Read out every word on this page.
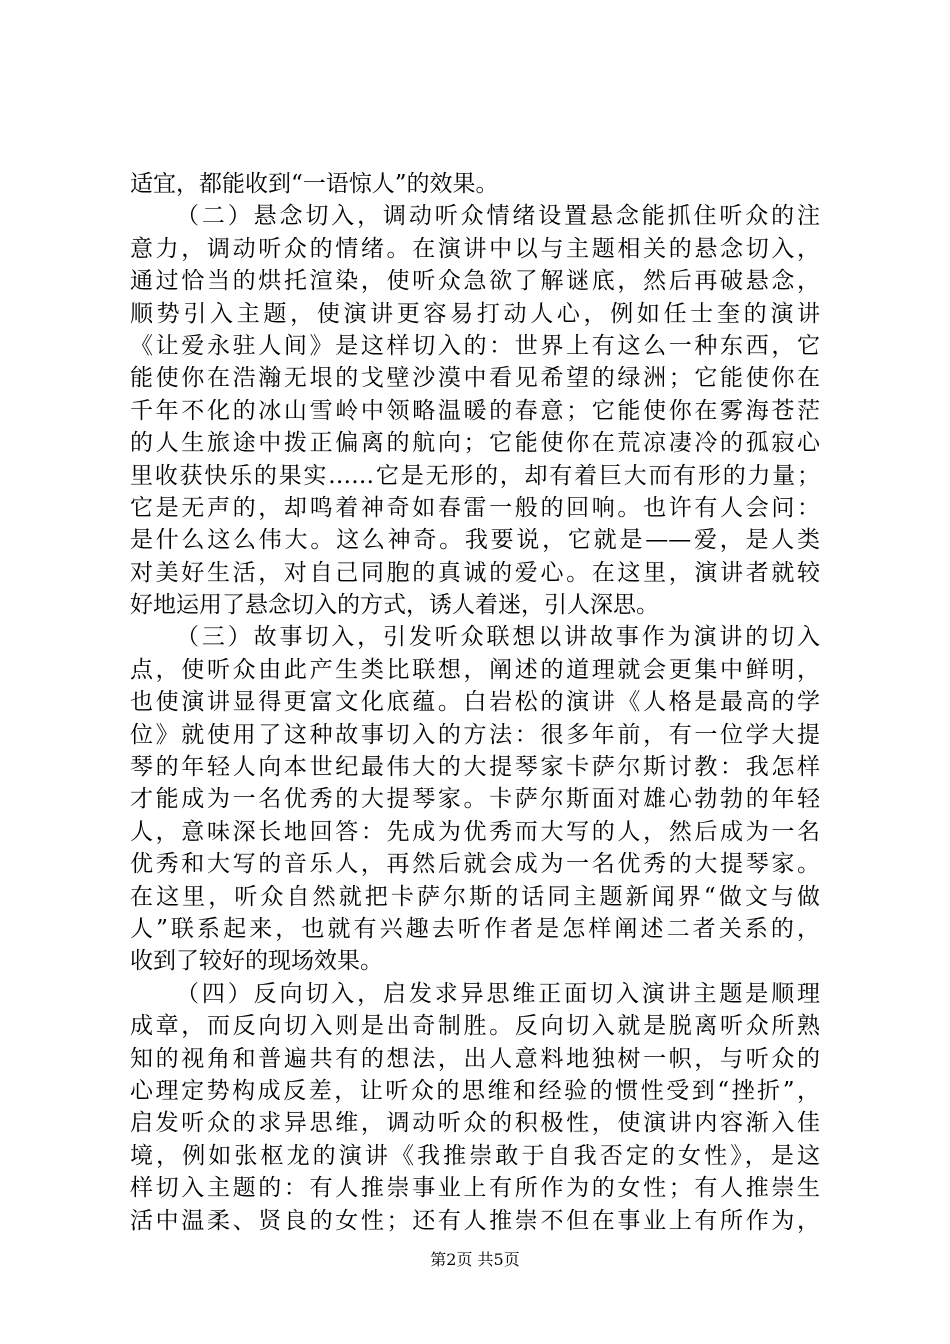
适宜，都能收到“一语惊人”的效果。
（二）悬念切入，调动听众情绪设置悬念能抓住听众的注
意力，调动听众的情绪。在演讲中以与主题相关的悬念切入，
通过恰当的烘托渲染，使听众急欲了解谜底，然后再破悬念，
顺势引入主题，使演讲更容易打动人心，例如任士奎的演讲
《让爱永驻人间》是这样切入的：世界上有这么一种东西，它
能使你在浩瀚无垠的戈壁沙漠中看见希望的绿洲；它能使你在
千年不化的冰山雪岭中领略温暖的春意；它能使你在雾海苍茫
的人生旅途中拨正偏离的航向；它能使你在荒凉凄冷的孤寂心
里收获快乐的果实……它是无形的，却有着巨大而有形的力量；
它是无声的，却鸣着神奇如春雷一般的回响。也许有人会问：
是什么这么伟大。这么神奇。我要说，它就是——爱，是人类
对美好生活，对自己同胞的真诚的爱心。在这里，演讲者就较
好地运用了悬念切入的方式，诱人着迷，引人深思。
（三）故事切入，引发听众联想以讲故事作为演讲的切入
点，使听众由此产生类比联想，阐述的道理就会更集中鲜明，
也使演讲显得更富文化底蕴。白岩松的演讲《人格是最高的学
位》就使用了这种故事切入的方法：很多年前，有一位学大提
琴的年轻人向本世纪最伟大的大提琴家卡萨尔斯讨教：我怎样
才能成为一名优秀的大提琴家。卡萨尔斯面对雄心勃勃的年轻
人，意味深长地回答：先成为优秀而大写的人，然后成为一名
优秀和大写的音乐人，再然后就会成为一名优秀的大提琴家。
在这里，听众自然就把卡萨尔斯的话同主题新闻界“做文与做
人”联系起来，也就有兴趣去听作者是怎样阐述二者关系的，
收到了较好的现场效果。
（四）反向切入，启发求异思维正面切入演讲主题是顺理
成章，而反向切入则是出奇制胜。反向切入就是脱离听众所熟
知的视角和普遍共有的想法，出人意料地独树一帜，与听众的
心理定势构成反差，让听众的思维和经验的惯性受到“挫折”，
启发听众的求异思维，调动听众的积极性，使演讲内容渐入佳
境，例如张枢龙的演讲《我推崇敢于自我否定的女性》，是这
样切入主题的：有人推崇事业上有所作为的女性；有人推崇生
活中温柔、贤良的女性；还有人推崇不但在事业上有所作为，
第2页 共5页
